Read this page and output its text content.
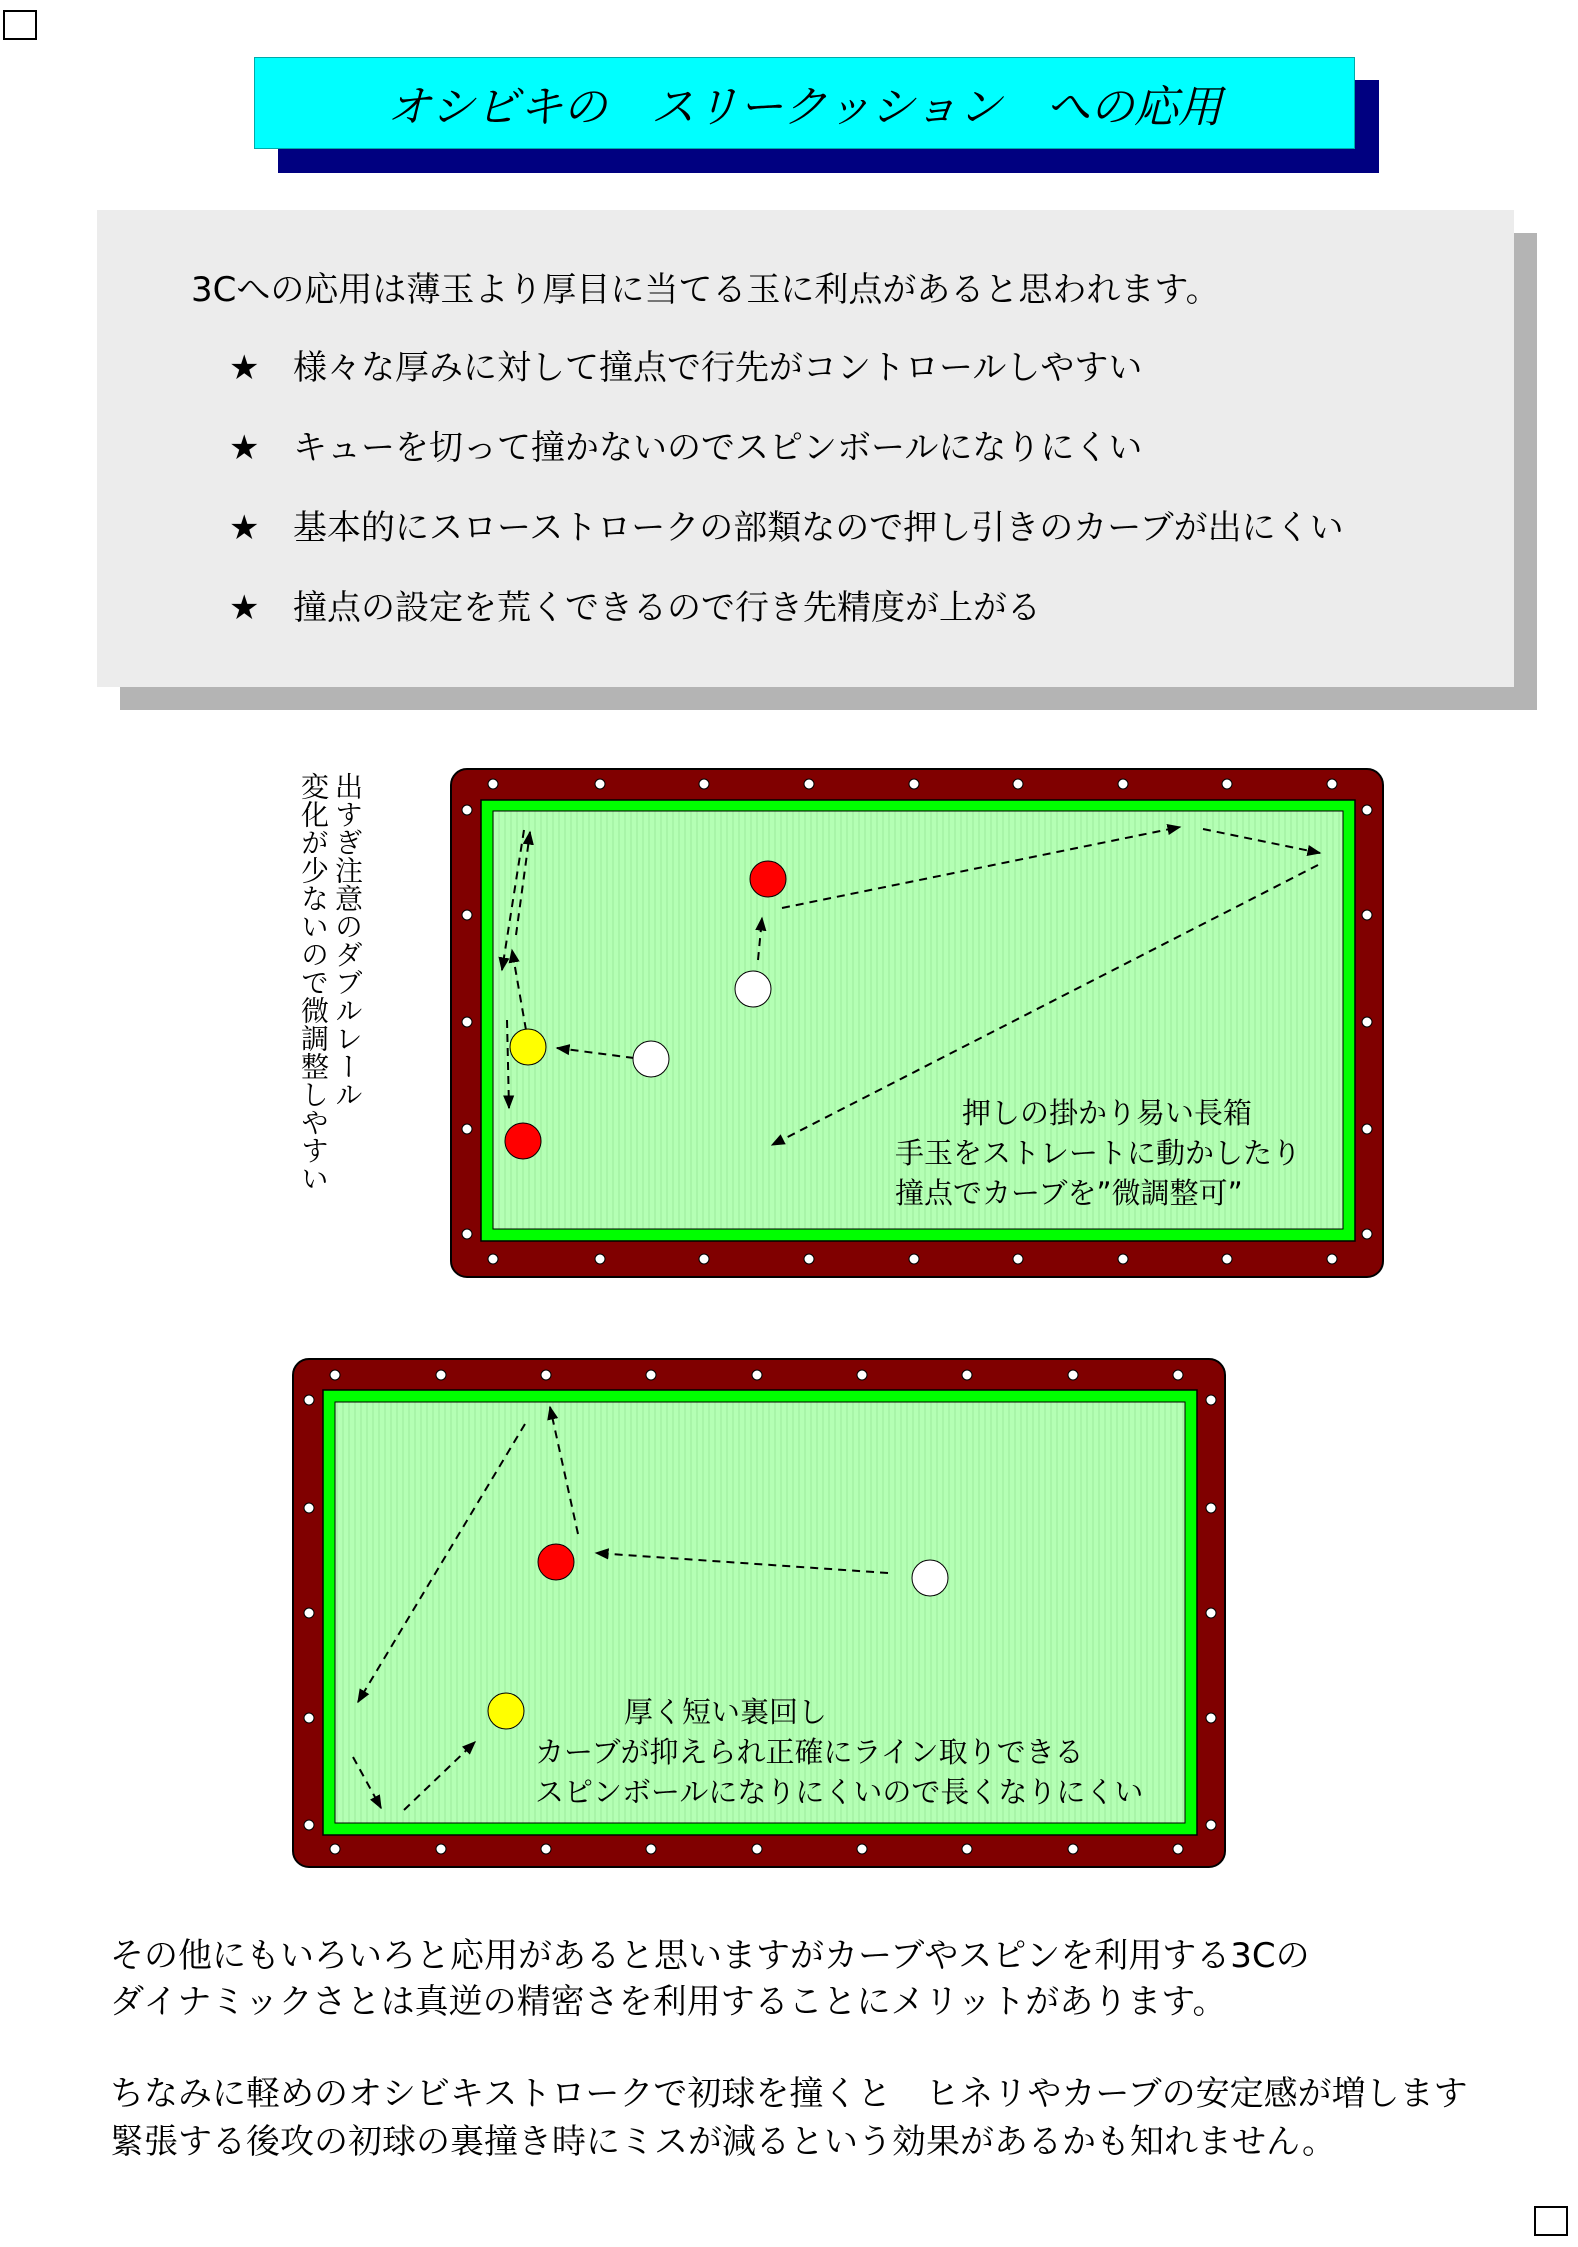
オシビキの　スリークッション　への応用
3Cへの応用は薄玉より厚目に当てる玉に利点があると思われます。
★ 様々な厚みに対して撞点で行先がコントロールしやすい
★ キューを切って撞かないのでスピンボールになりにくい
★ 基本的にスローストロークの部類なので押し引きのカーブが出にくい
★ 撞点の設定を荒くできるので行き先精度が上がる
出すぎ注意のダブルレール
変化が少ないので微調整しやすい	押しの掛かり易い長箱
手玉をストレートに動かしたり
撞点でカーブを”微調整可”
厚く短い裏回し
カーブが抑えられ正確にライン取りできる
スピンボールになりにくいので長くなりにくい
その他にもいろいろと応用があると思いますがカーブやスピンを利用する3Cの
ダイナミックさとは真逆の精密さを利用することにメリットがあります。
ちなみに軽めのオシビキストロークで初球を撞くと　ヒネリやカーブの安定感が増します
緊張する後攻の初球の裏撞き時にミスが減るという効果があるかも知れません。
